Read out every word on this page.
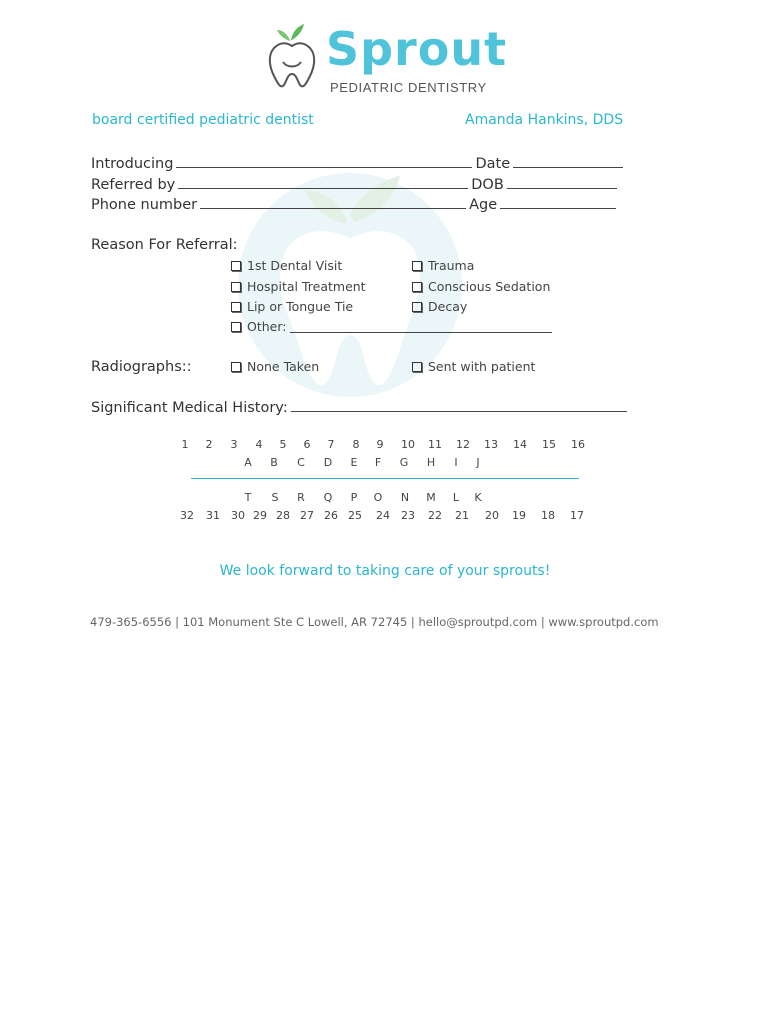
Sprout
PEDIATRIC DENTISTRY
board certified pediatric dentist	Amanda Hankins, DDS
Introducing	Date
Referred by	DOB
Phone number	Age
Reason For Referral:
1st Dental Visit
Hospital Treatment
Lip or Tongue Tie
Other:
Trauma
Conscious Sedation
Decay
Radiographs::	None Taken	Sent with patient
Significant Medical History:
1	2	3	4	5	6	7	8	9	10 11 12 13 14 15 16
A	B	C	D	E	F	G	H	I	J
T	S	R	Q	P	O	N	M	L	K
32 31 30 29 28 27 26 25 24 23 22 21 20 19 18 17
We look forward to taking care of your sprouts!
479-365-6556 | 101 Monument Ste C Lowell, AR 72745 | hello@sproutpd.com | www.sproutpd.com
